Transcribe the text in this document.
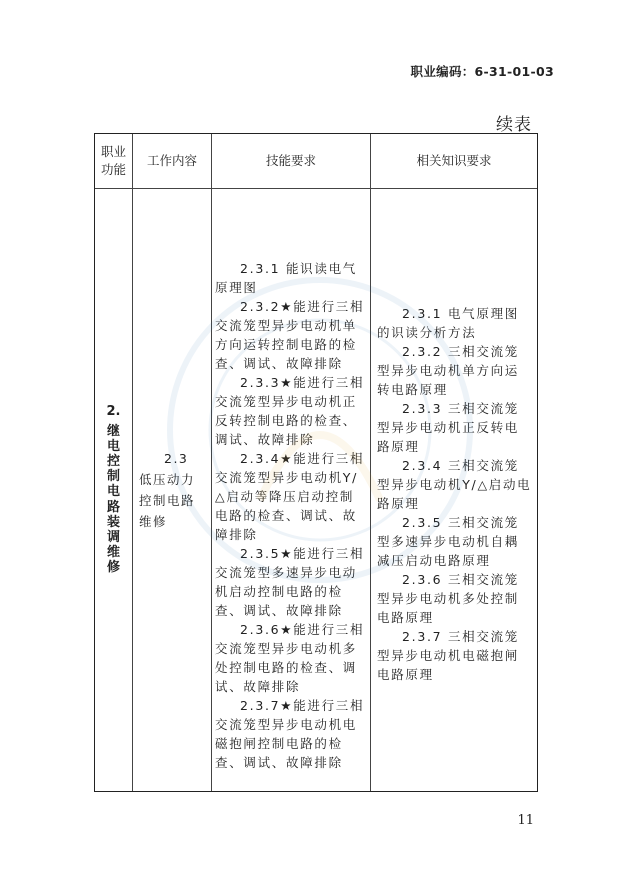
职业编码：6-31-01-03
续表
职业
功能
工作内容	技能要求	相关知识要求
2.
继电控制电路装调维修
2.3 低压动力控制电路维修

2.3.1 能识读电气原理图

2.3.2★能进行三相交流笼型异步电动机单方向运转控制电路的检查、调试、故障排除

2.3.3★能进行三相交流笼型异步电动机正反转控制电路的检查、调试、故障排除

2.3.4★能进行三相交流笼型异步电动机Y/△启动等降压启动控制电路的检查、调试、故障排除

2.3.5★能进行三相交流笼型多速异步电动机启动控制电路的检查、调试、故障排除

2.3.6★能进行三相交流笼型异步电动机多处控制电路的检查、调试、故障排除

2.3.7★能进行三相交流笼型异步电动机电磁抱闸控制电路的检查、调试、故障排除

2.3.1 电气原理图的识读分析方法

2.3.2 三相交流笼型异步电动机单方向运转电路原理

2.3.3 三相交流笼型异步电动机正反转电路原理

2.3.4 三相交流笼型异步电动机Y/△启动电路原理

2.3.5 三相交流笼型多速异步电动机自耦减压启动电路原理

2.3.6 三相交流笼型异步电动机多处控制电路原理

2.3.7 三相交流笼型异步电动机电磁抱闸电路原理

11
